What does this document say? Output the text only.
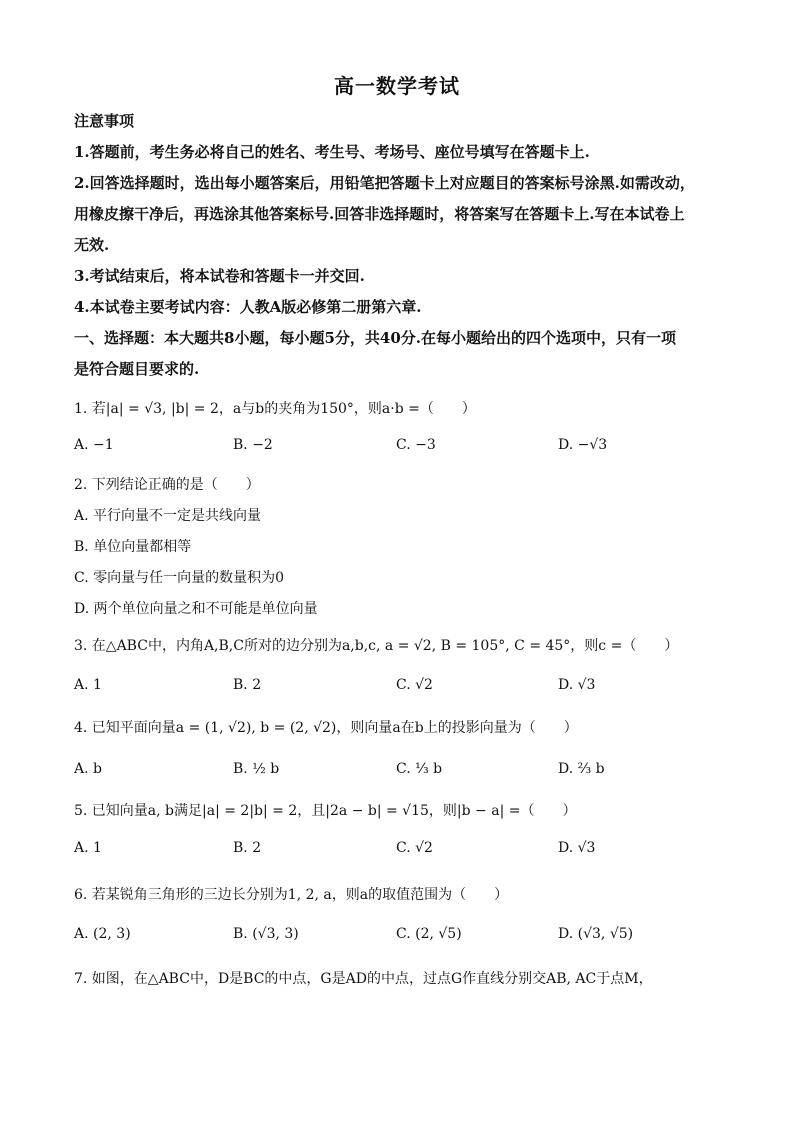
高一数学考试
注意事项
1.答题前，考生务必将自己的姓名、考生号、考场号、座位号填写在答题卡上.
2.回答选择题时，选出每小题答案后，用铅笔把答题卡上对应题目的答案标号涂黑.如需改动，
用橡皮擦干净后，再选涂其他答案标号.回答非选择题时，将答案写在答题卡上.写在本试卷上
无效.
3.考试结束后，将本试卷和答题卡一并交回.
4.本试卷主要考试内容：人教A版必修第二册第六章.
一、选择题：本大题共8小题，每小题5分，共40分.在每小题给出的四个选项中，只有一项
是符合题目要求的.
1. 若|a| = √3, |b| = 2，a与b的夹角为150°，则a·b =（　　）
A. −1	B. −2	C. −3	D. −√3
2. 下列结论正确的是（　　）
A. 平行向量不一定是共线向量
B. 单位向量都相等
C. 零向量与任一向量的数量积为0
D. 两个单位向量之和不可能是单位向量
3. 在△ABC中，内角A,B,C所对的边分别为a,b,c, a = √2, B = 105°, C = 45°，则c =（　　）
A. 1	B. 2	C. √2	D. √3
4. 已知平面向量a = (1, √2), b = (2, √2)，则向量a在b上的投影向量为（　　）
A. b	B. ½ b	C. ⅓ b	D. ⅔ b
5. 已知向量a, b满足|a| = 2|b| = 2，且|2a − b| = √15，则|b − a| =（　　）
A. 1	B. 2	C. √2	D. √3
6. 若某锐角三角形的三边长分别为1, 2, a，则a的取值范围为（　　）
A. (2, 3)	B. (√3, 3)	C. (2, √5)	D. (√3, √5)
7. 如图，在△ABC中，D是BC的中点，G是AD的中点，过点G作直线分别交AB, AC于点M，
